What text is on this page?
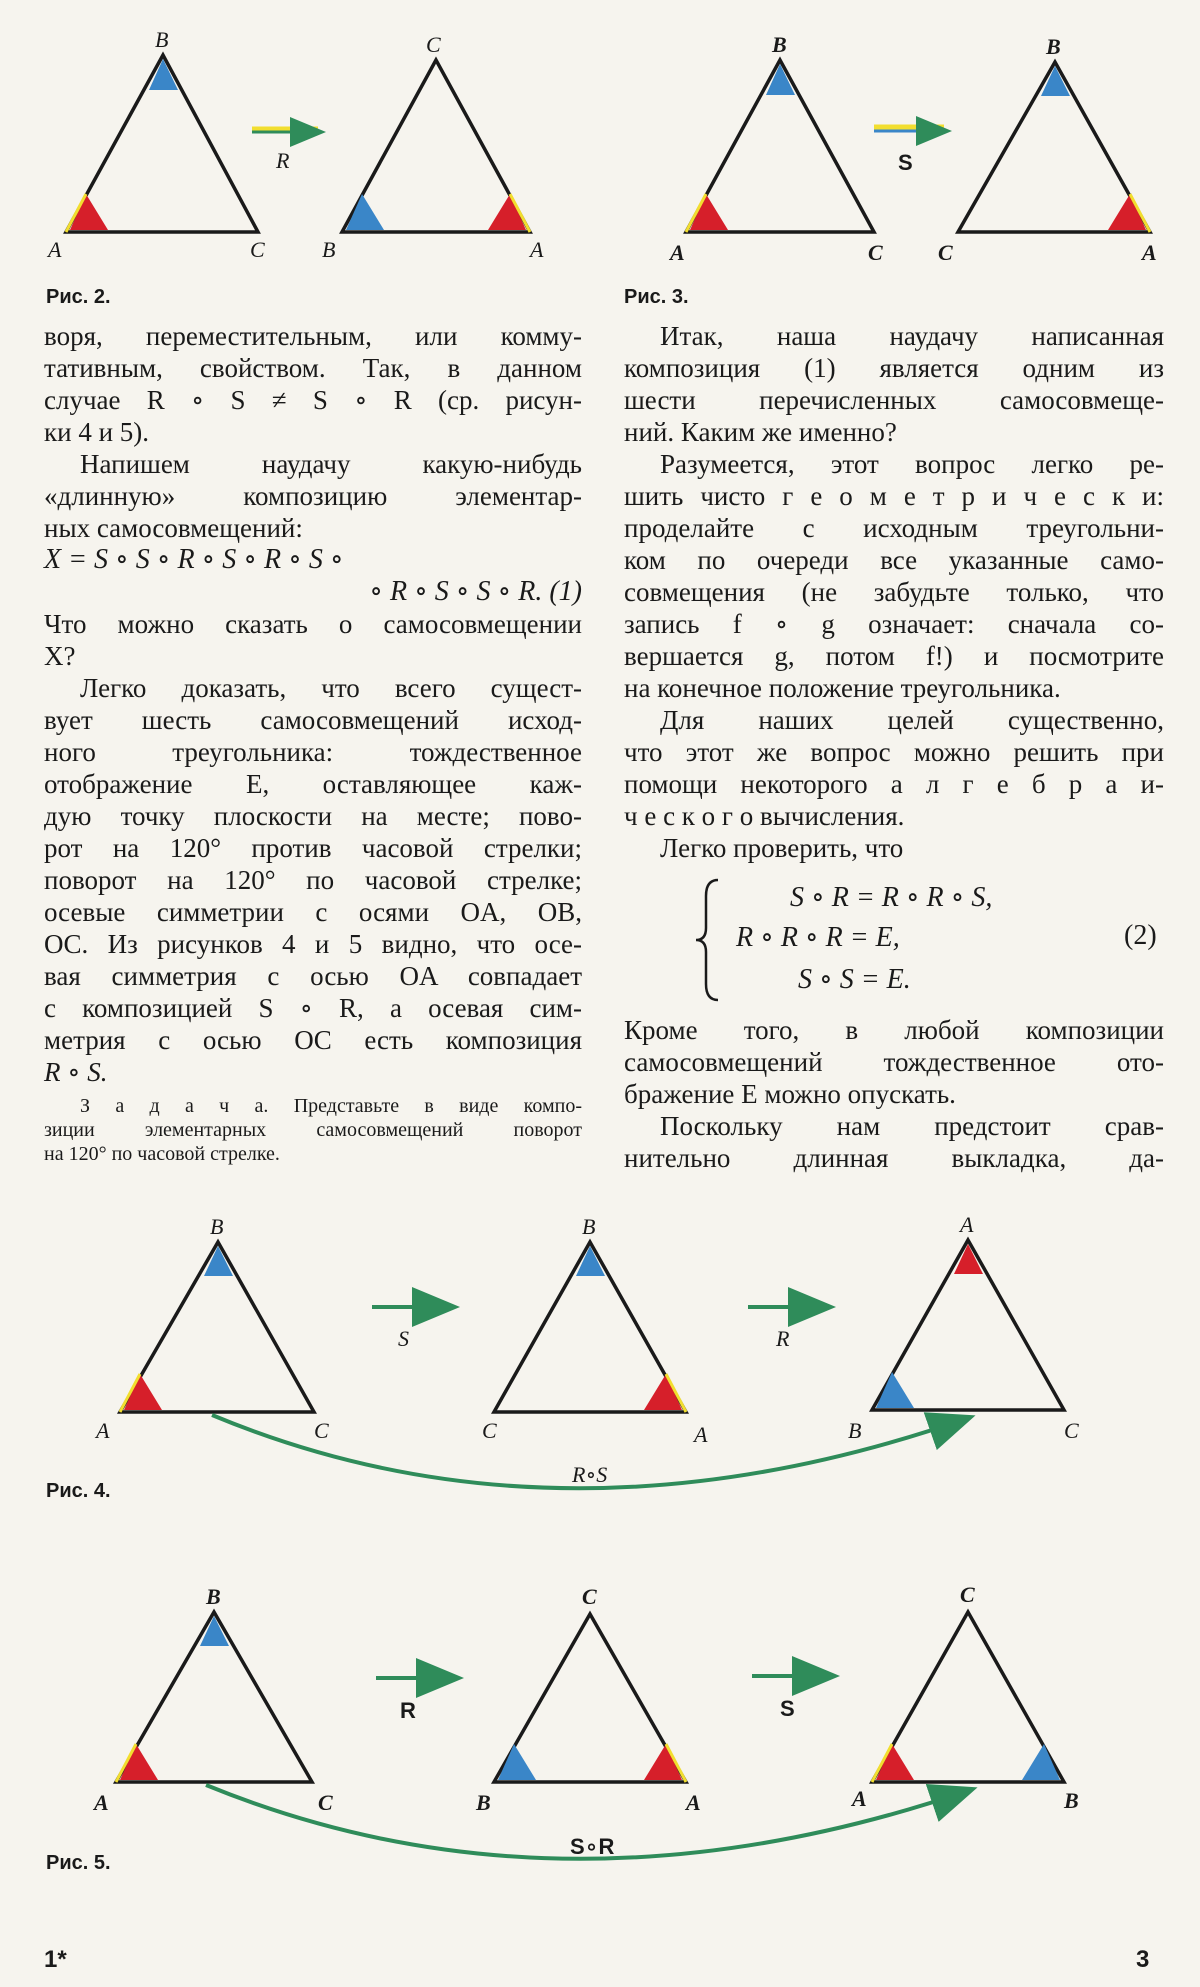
B
A	C
R
C
B	A
B
A	C
S
B
C	A
B
A	C
S
B
C	A
R
A
B	C
R∘S
B
A	C
R
C
B	A
S
C
A	B
S∘R
Рис. 2.	Рис. 3.
Рис. 4.
Рис. 5.

воря, переместительным, или комму-

тативным, свойством. Так, в данном

случае R ∘ S ≠ S ∘ R (ср. рисун-

ки 4 и 5).

Напишем наудачу какую-нибудь

«длинную» композицию элементар-

ных самосовмещений:

X = S ∘ S ∘ R ∘ S ∘ R ∘ S ∘

∘ R ∘ S ∘ S ∘ R. (1)

Что можно сказать о самосовмещении

X?

Легко доказать, что всего сущест-

вует шесть самосовмещений исход-

ного треугольника: тождественное

отображение E, оставляющее каж-

дую точку плоскости на месте; пово-

рот на 120° против часовой стрелки;

поворот на 120° по часовой стрелке;

осевые симметрии с осями OA, OB,

OC. Из рисунков 4 и 5 видно, что осе-

вая симметрия с осью OA совпадает

с композицией S ∘ R, а осевая сим-

метрия с осью OC есть композиция

R ∘ S.

З а д а ч а. Представьте в виде компо-

зиции элементарных самосовмещений поворот

на 120° по часовой стрелке.

Итак, наша наудачу написанная

композиция (1) является одним из

шести перечисленных самосовмеще-

ний. Каким же именно?

Разумеется, этот вопрос легко ре-

шить чисто г е о м е т р и ч е с к и:

проделайте с исходным треугольни-

ком по очереди все указанные само-

совмещения (не забудьте только, что

запись f ∘ g означает: сначала со-

вершается g, потом f!) и посмотрите

на конечное положение треугольника.

Для наших целей существенно,

что этот же вопрос можно решить при

помощи некоторого а л г е б р а и-

ч е с к о г о вычисления.

Легко проверить, что

S ∘ R = R ∘ R ∘ S,
R ∘ R ∘ R = E,
S ∘ S = E.
(2)

Кроме того, в любой композиции

самосовмещений тождественное ото-

бражение E можно опускать.

Поскольку нам предстоит срав-

нительно длинная выкладка, да-

1*	3
